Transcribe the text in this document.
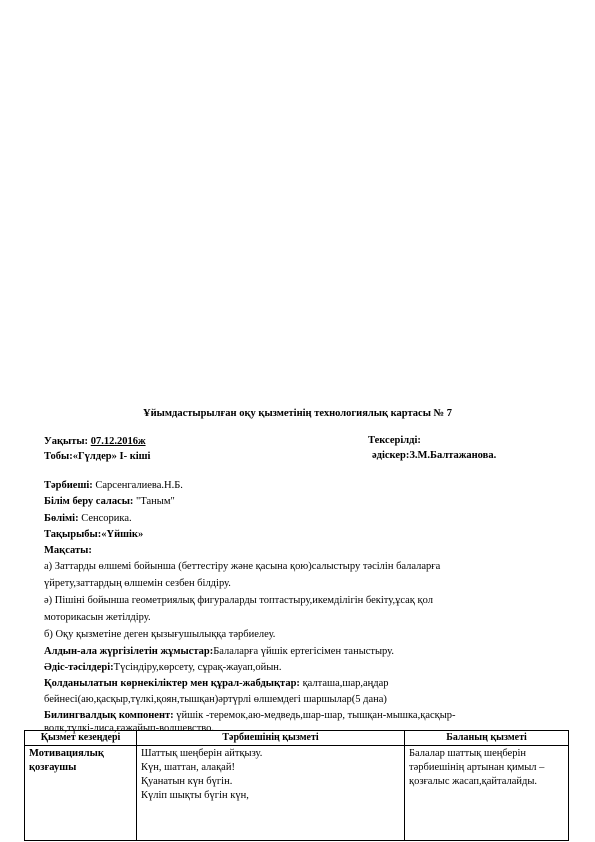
Ұйымдастырылған оқу қызметінің технологиялық картасы № 7
Уақыты: 07.12.2016ж	Тексерілді:
Тобы:«Гүлдер» I- кіші	әдіскер:З.М.Балтажанова.
Тәрбиеші: Сарсенгалиева.Н.Б.
Білім беру саласы: "Таным"
Бөлімі: Сенсорика.
Тақырыбы:«Үйшік»
Мақсаты:
а) Заттарды өлшемі бойынша (беттестіру және қасына қою)салыстыру тәсілін балаларға
үйрету,заттардың өлшемін сезбен білдіру.
ә) Пішіні бойынша геометриялық фигураларды топтастыру,икемділігін бекіту,ұсақ қол
моторикасын жетілдіру.
б) Оқу қызметіне деген қызығушылыққа тәрбиелеу.
Алдын-ала жүргізілетін жұмыстар:Балаларға үйшік ертегісімен таныстыру.
Әдіс-тәсілдері:Түсіндіру,көрсету, сұрақ-жауап,ойын.
Қолданылатын көрнекіліктер мен құрал-жабдықтар: қалташа,шар,аңдар
бейнесі(аю,қасқыр,түлкі,қоян,тышқан)әртүрлі өлшемдегі шаршылар(5 дана)
Билингвалдық компонент: үйшік -теремок,аю-медведь,шар-шар, тышқан-мышка,қасқыр-
волк,түлкі-лиса,ғажайып-волшевство.
Қызмет кезеңдері	Тәрбиешінің қызметі	Баланың қызметі

Мотивациялық
қозғаушы	Шаттық шеңберін айтқызу.
Күн, шаттан, алақай!
Қуанатын күн бүгін.
Күліп шықты бүгін күн,	Балалар шаттық шеңберін
тәрбиешінің артынан қимыл –
қозғалыс жасап,қайталайды.
